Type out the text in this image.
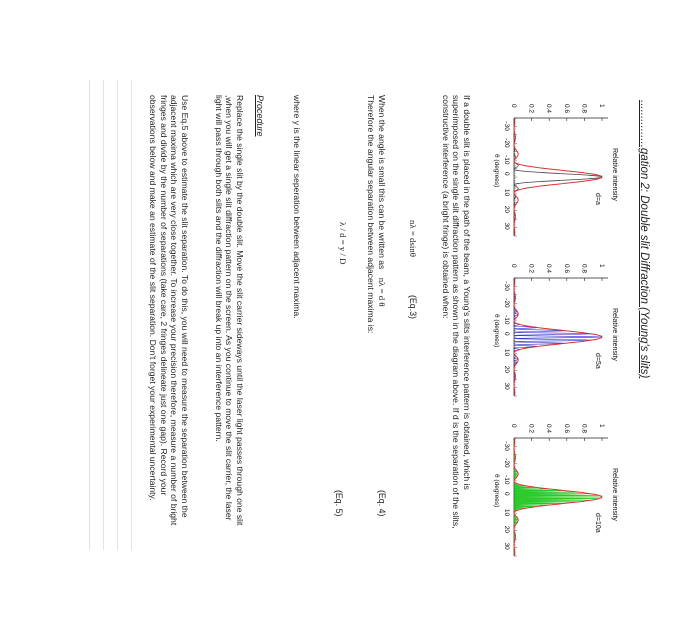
...............gation 2: Double slit Diffraction (Young's slits)
Relative intensity
d=a
1
0.8
0.6
0.4
0.2
0
-30
-20
-10
0
10
20
30
θ (degrees)
Relative intensity
d=5a
1
0.8
0.6
0.4
0.2
0
-30
-20
-10
0
10
20
30
θ (degrees)
Relative intensity
d=10a
1
0.8
0.6
0.4
0.2
0
-30
-20
-10
0
10
20
30
θ (degrees)

If a double slit is placed in the path of the beam, a Young's slits interference pattern is obtained, which is superimposed on the single slit diffraction pattern as shown in the diagram above. If d is the separation of the slits, constructive interference (a bright fringe) is obtained when:

nλ = dsinθ
(Eq.3)
When the angle is small this can be written as nλ = d θ
Therefore the angular separation between adjacent maxima is:
(Eq. 4)
λ / d = y / D
(Eq. 5)

where y is the linear seperation between adjacent maxima.

Procedure

Replace the single slit by the double slit. Move the slit carrier sideways until the laser light passes through one slit ,when you will get a single slit diffraction pattern on the screen. As you continue to move the slit carrier, the laser light will pass through both slits and the diffraction will break up into an interference pattern.

Use Eq.5 above to estimate the slit separation. To do this, you will need to measure the separation between the adjacent maxima which are very close together. To increase your precision therefore, measure a number of bright fringes and divide by the number of separations (take care, 2 fringes delineate just one gap). Record your observations below and make an estimate of the slit separation. Don't forget your experimental uncertainty.
